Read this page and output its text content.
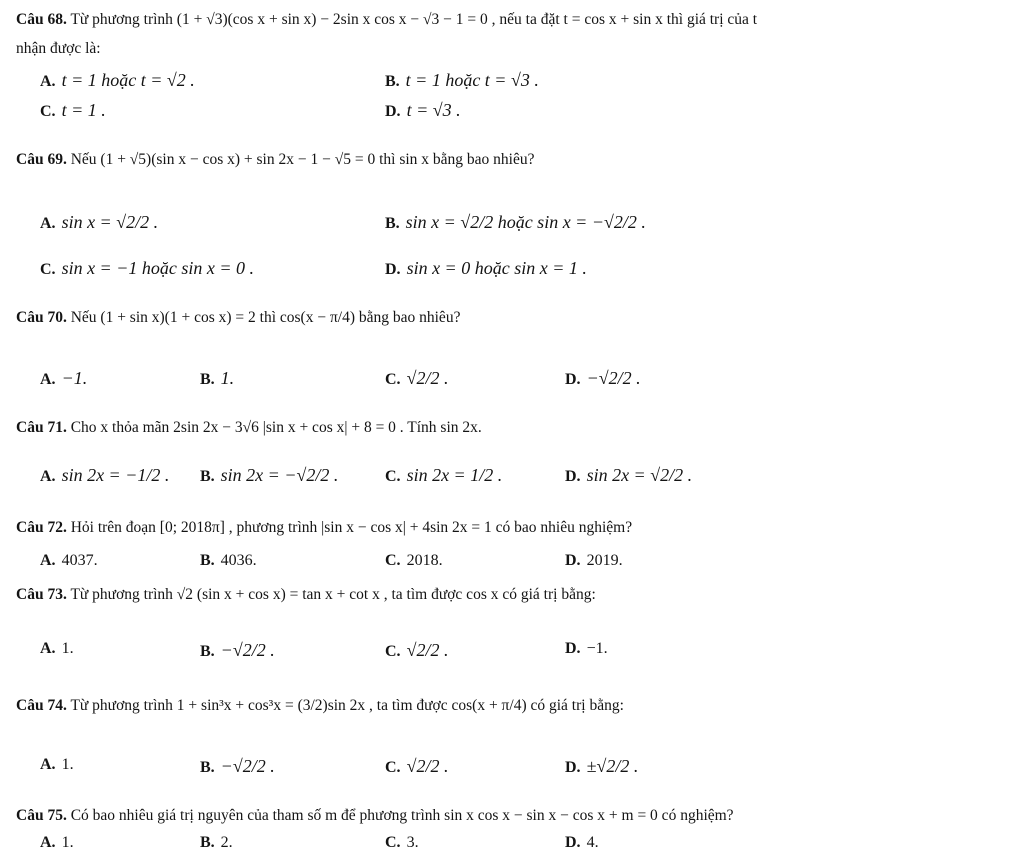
Câu 68. Từ phương trình (1 + √3)(cos x + sin x) − 2sin x cos x − √3 − 1 = 0 , nếu ta đặt t = cos x + sin x thì giá trị của t
nhận được là:
A. t = 1 hoặc t = √2 .	B. t = 1 hoặc t = √3 .
C. t = 1 .	D. t = √3 .
Câu 69. Nếu (1 + √5)(sin x − cos x) + sin 2x − 1 − √5 = 0 thì sin x bằng bao nhiêu?
A. sin x = √2/2 .	B. sin x = √2/2 hoặc sin x = −√2/2 .
C. sin x = −1 hoặc sin x = 0 .	D. sin x = 0 hoặc sin x = 1 .
Câu 70. Nếu (1 + sin x)(1 + cos x) = 2 thì cos(x − π/4) bằng bao nhiêu?
A. −1.	B. 1.	C. √2/2 .	D. −√2/2 .
Câu 71. Cho x thỏa mãn 2sin 2x − 3√6 |sin x + cos x| + 8 = 0 . Tính sin 2x.
A. sin 2x = −1/2 . B. sin 2x = −√2/2 .	C. sin 2x = 1/2 .	D. sin 2x = √2/2 .
Câu 72. Hỏi trên đoạn [0; 2018π] , phương trình |sin x − cos x| + 4sin 2x = 1 có bao nhiêu nghiệm?
A. 4037.	B. 4036.	C. 2018.	D. 2019.
Câu 73. Từ phương trình √2 (sin x + cos x) = tan x + cot x , ta tìm được cos x có giá trị bằng:
A. 1.	B. −√2/2 .	C. √2/2 .	D. −1.
Câu 74. Từ phương trình 1 + sin³x + cos³x = (3/2)sin 2x , ta tìm được cos(x + π/4) có giá trị bằng:
A. 1.	B. −√2/2 .	C. √2/2 .	D. ±√2/2 .
Câu 75. Có bao nhiêu giá trị nguyên của tham số m để phương trình sin x cos x − sin x − cos x + m = 0 có nghiệm?
A. 1.	B. 2.	C. 3.	D. 4.
